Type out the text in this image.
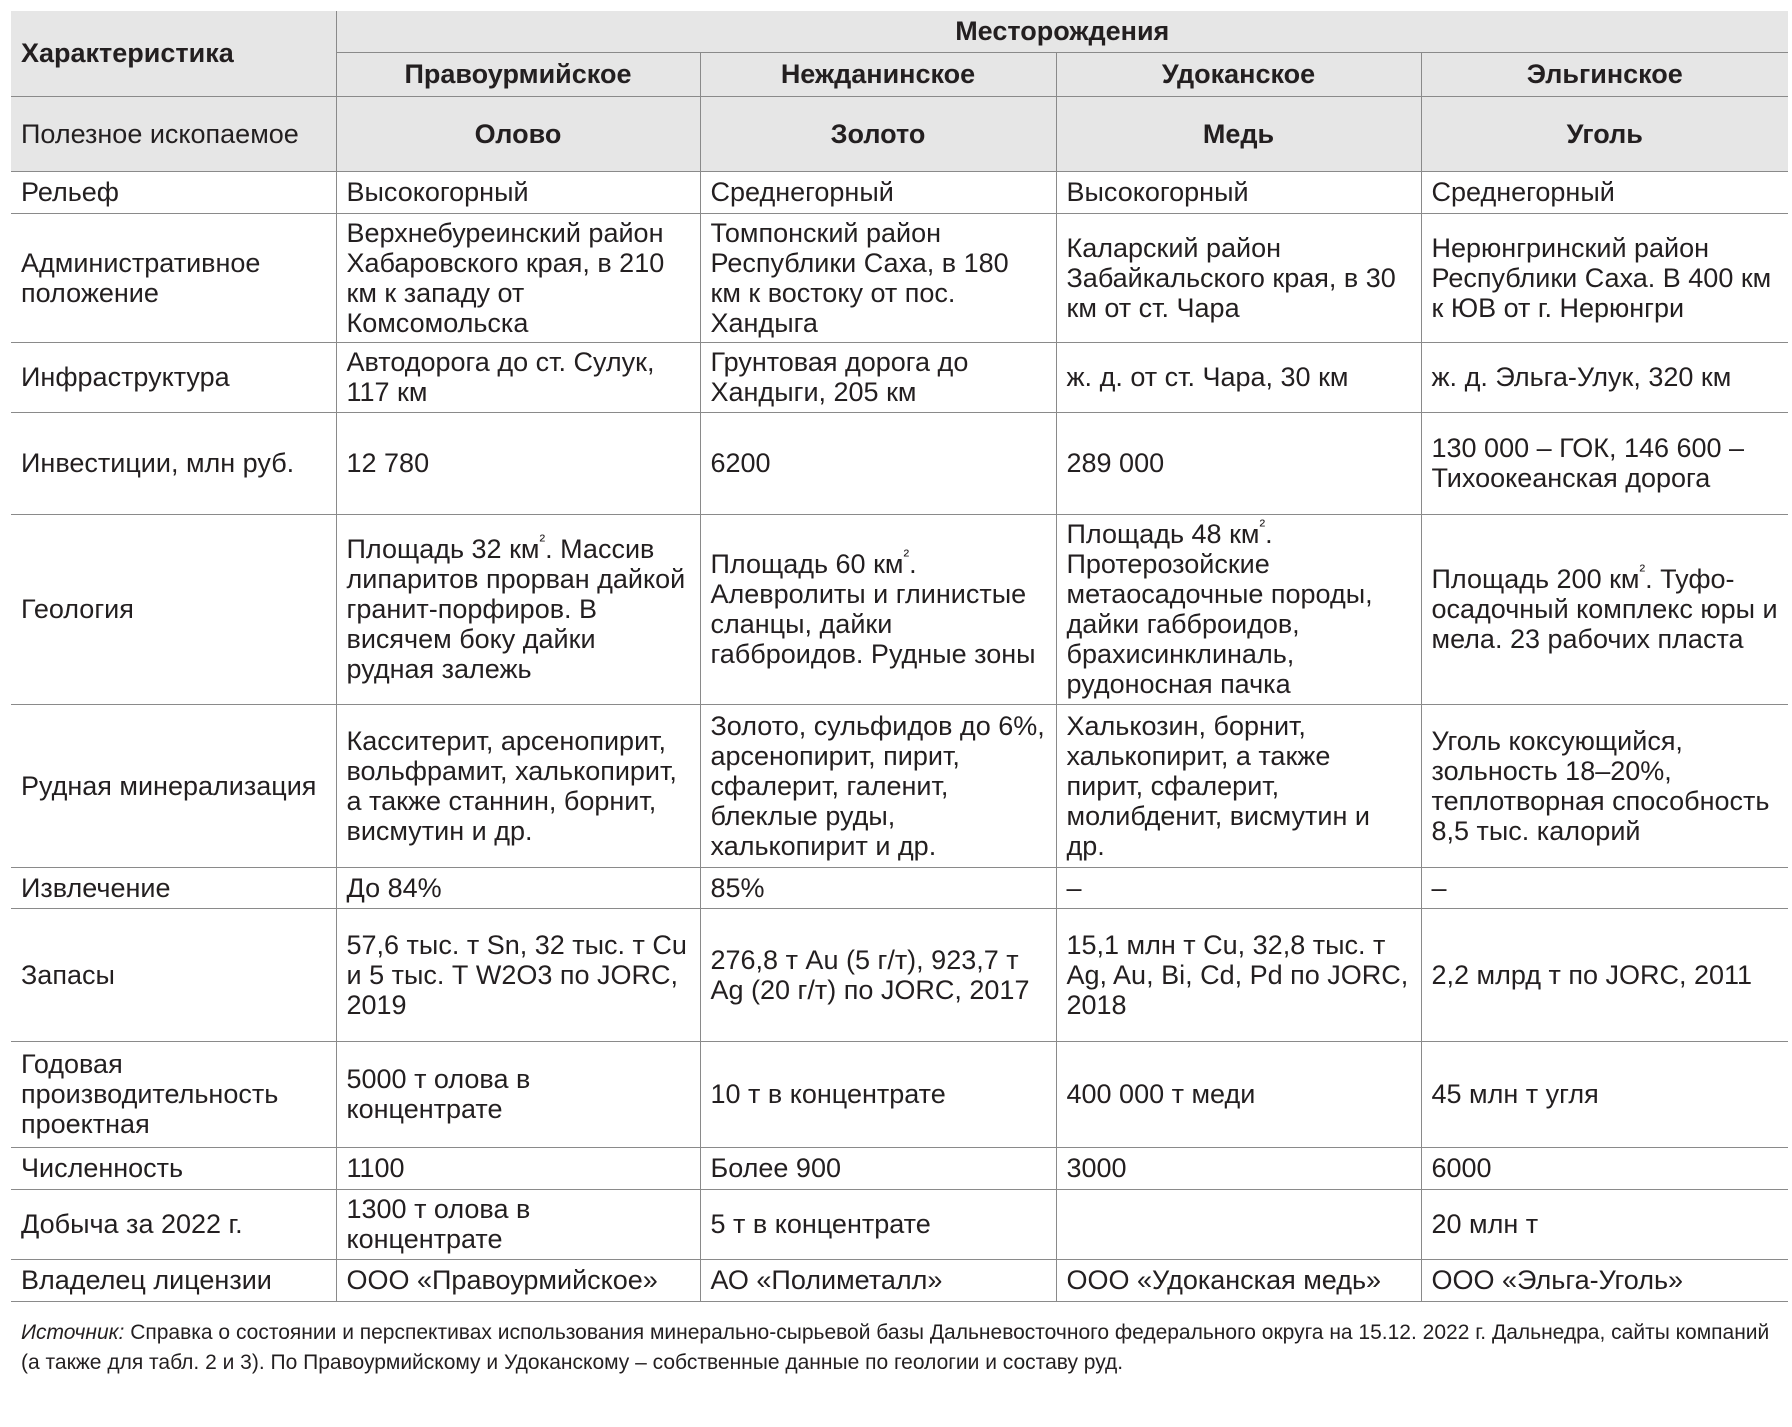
Характеристика	Месторождения			
	Правоурмийское	Нежданинское	Удоканское	Эльгинское
Полезное ископаемое	Олово	Золото	Медь	Уголь
Рельеф	Высокогорный	Среднегорный	Высокогорный	Среднегорный
Административное положение	Верхнебуреинский район Хабаровского края, в 210 км к западу от Комсомольска	Томпонский район Республики Саха, в 180 км к востоку от пос. Хандыга	Каларский район Забайкальского края, в 30 км от ст. Чара	Нерюнгринский район Республики Саха. В 400 км к ЮВ от г. Нерюнгри
Инфраструктура	Автодорога до ст. Сулук, 117 км	Грунтовая дорога до Хандыги, 205 км	ж. д. от ст. Чара, 30 км	ж. д. Эльга-Улук, 320 км
Инвестиции, млн руб.	12 780	6200	289 000	130 000 – ГОК, 146 600 – Тихоокеанская дорога
Геология	Площадь 32 $км^{^2}$. Массив липаритов прорван дайкой гранит-порфиров. В висячем боку дайки рудная залежь	Площадь 60 $км^{^2}$. Алевролиты и глинистые сланцы, дайки габброидов. Рудные зоны	Площадь 48 $км^{^2}$. Протерозойские метаосадочные породы, дайки габброидов, брахисинклиналь, рудоносная пачка	Площадь 200 $км^{^2}$. Туфо-осадочный комплекс юры и мела. 23 рабочих пласта
Рудная минерализация	Касситерит, арсенопирит, вольфрамит, халькопирит, а также станнин, борнит, висмутин и др.	Золото, сульфидов до 6%, арсенопирит, пирит, сфалерит, галенит, блеклые руды, халькопирит и др.	Халькозин, борнит, халькопирит, а также пирит, сфалерит, молибденит, висмутин и др.	Уголь коксующийся, зольность 18–20%, теплотворная способность 8,5 тыс. калорий
Извлечение	До 84%	85%	–	–
Запасы	57,6 тыс. т Sn, 32 тыс. т Cu и 5 тыс. Т W2O3 по JORC, 2019	276,8 т Au (5 г/т), 923,7 т Ag (20 г/т) по JORC, 2017	15,1 млн т Cu, 32,8 тыс. т Ag, Au, Bi, Cd, Pd по JORC, 2018	2,2 млрд т по JORC, 2011
Годовая производительность проектная	5000 т олова в концентрате	10 т в концентрате	400 000 т меди	45 млн т угля
Численность	1100	Более 900	3000	6000
Добыча за 2022 г.	1300 т олова в концентрате	5 т в концентрате		20 млн т
Владелец лицензии	ООО «Правоурмийское»	АО «Полиметалл»	ООО «Удоканская медь»	ООО «Эльга-Уголь»
Источник: Справка о состоянии и перспективах использования минерально-сырьевой базы Дальневосточного федерального округа на 15.12. 2022 г. Дальнедра, сайты компаний (а также для табл. 2 и 3). По Правоурмийскому и Удоканскому – собственные данные по геологии и составу руд.
